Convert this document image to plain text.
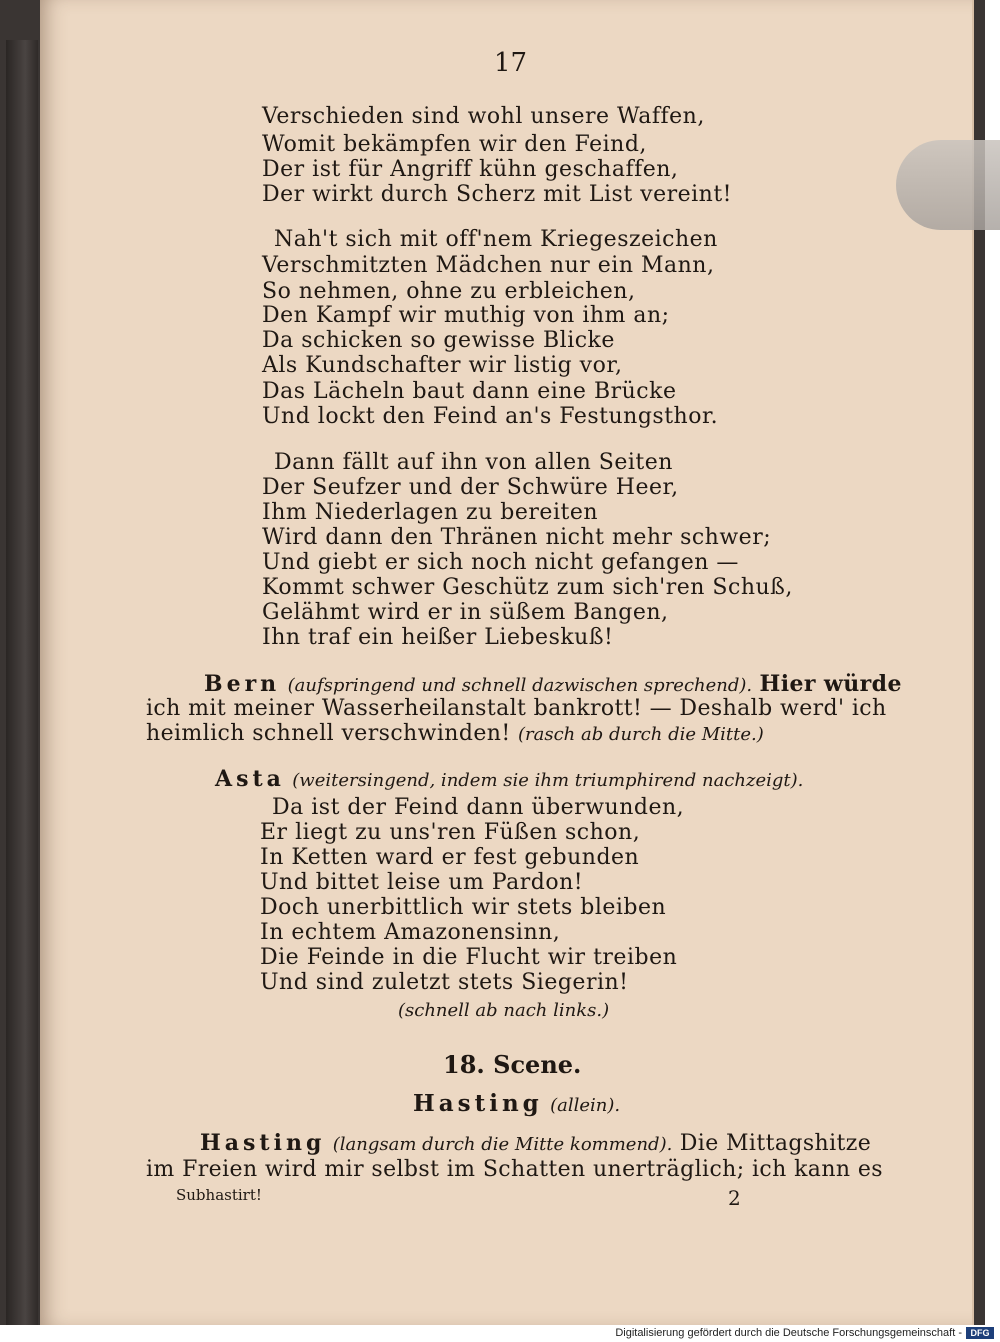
17
Verschieden sind wohl unsere Waffen,
Womit bekämpfen wir den Feind,
Der ist für Angriff kühn geschaffen,
Der wirkt durch Scherz mit List vereint!
Nah't sich mit off'nem Kriegeszeichen
Verschmitzten Mädchen nur ein Mann,
So nehmen, ohne zu erbleichen,
Den Kampf wir muthig von ihm an;
Da schicken so gewisse Blicke
Als Kundschafter wir listig vor,
Das Lächeln baut dann eine Brücke
Und lockt den Feind an's Festungsthor.
Dann fällt auf ihn von allen Seiten
Der Seufzer und der Schwüre Heer,
Ihm Niederlagen zu bereiten
Wird dann den Thränen nicht mehr schwer;
Und giebt er sich noch nicht gefangen —
Kommt schwer Geschütz zum sich'ren Schuß,
Gelähmt wird er in süßem Bangen,
Ihn traf ein heißer Liebeskuß!
Bern (aufspringend und schnell dazwischen sprechend). Hier würde
ich mit meiner Wasserheilanstalt bankrott! — Deshalb werd' ich
heimlich schnell verschwinden! (rasch ab durch die Mitte.)
Asta (weitersingend, indem sie ihm triumphirend nachzeigt).
Da ist der Feind dann überwunden,
Er liegt zu uns'ren Füßen schon,
In Ketten ward er fest gebunden
Und bittet leise um Pardon!
Doch unerbittlich wir stets bleiben
In echtem Amazonensinn,
Die Feinde in die Flucht wir treiben
Und sind zuletzt stets Siegerin!
(schnell ab nach links.)
18. Scene.
Hasting (allein).
Hasting (langsam durch die Mitte kommend). Die Mittagshitze
im Freien wird mir selbst im Schatten unerträglich; ich kann es
Subhastirt!	2
Digitalisierung gefördert durch die Deutsche Forschungsgemeinschaft - DFG
